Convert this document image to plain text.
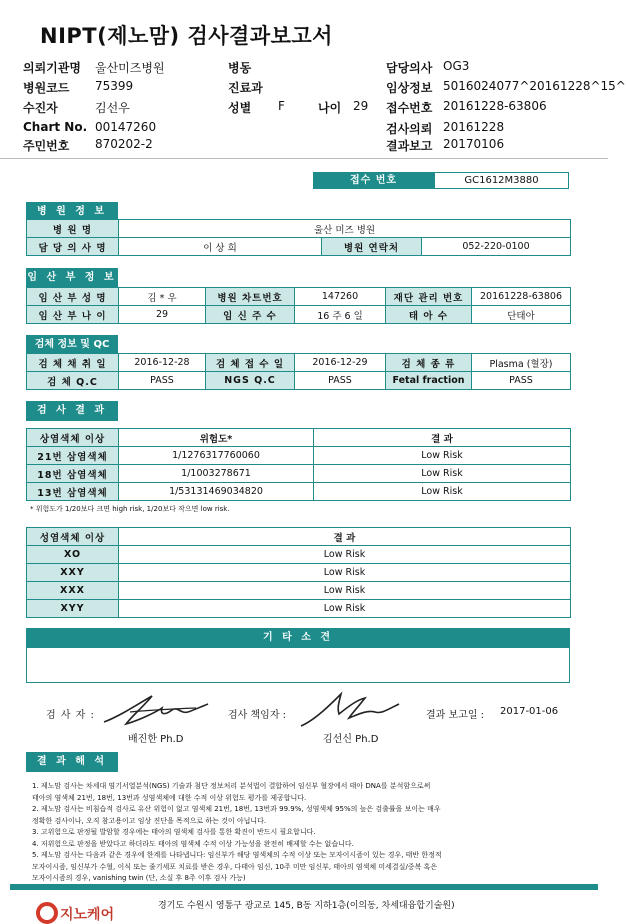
NIPT(제노맘) 검사결과보고서
의뢰기관명 울산미즈병원	병동	담당의사 OG3
병원코드 75399	진료과	임상정보 5016024077^20161228^15^
수진자	김선우	성별 F	나이 29 접수번호 20161228-63806
Chart No. 00147260	검사의뢰 20161228
주민번호 870202-2	결과보고 20170106
접수 번호	GC1612M3880
병 원 정 보
병 원 명	울산 미즈 병원		
담 당 의 사 명	이 상 희	병원 연락처	052-220-0100
임 산 부 정 보
임 산 부 성 명	김 * 우	병원 차트번호	147260	재단 관리 번호	20161228-63806
임 산 부 나 이	29	임 신 주 수	16 주 6 일	태 아 수	단태아
검체 정보 및 QC
검 체 채 취 일	2016-12-28	검 체 접 수 일	2016-12-29	검 체 종 류	Plasma (혈장)
검 체 Q.C	PASS	NGS Q.C	PASS	Fetal fraction	PASS
검 사 결 과
상염색체 이상	위험도*	결 과
21번 삼염색체	1/1276317760060	Low Risk
18번 삼염색체	1/1003278671	Low Risk
13번 삼염색체	1/53131469034820	Low Risk
* 위험도가 1/20보다 크면 high risk, 1/20보다 작으면 low risk.
성염색체 이상	결 과
XO	Low Risk
XXY	Low Risk
XXX	Low Risk
XYY	Low Risk
기 타 소 견
검 사 자 :
배진한 Ph.D
검사 책임자 :
김선신 Ph.D
결과 보고일 : 2017-01-06
결 과 해 석
1. 제노맘 검사는 차세대 염기서열분석(NGS) 기술과 첨단 정보처리 분석법이 결합하여 임신부 혈장에서 태아 DNA를 분석함으로써
태아의 염색체 21번, 18번, 13번과 성염색체에 대한 수적 이상 위험도 평가를 제공합니다.
2. 제노맘 검사는 비침습적 검사로 유산 위험이 없고 염색체 21번, 18번, 13번과 99.9%, 성염색체 95%의 높은 검출률을 보이는 매우
정확한 검사이나, 오직 참고용이고 임상 진단을 목적으로 하는 것이 아닙니다.
3. 고위험으로 판정될 발암할 경우에는 태아의 염색체 검사를 통한 확진이 반드시 필요합니다.
4. 저위험으로 판정을 받았다고 하더라도 태아의 염색체 수적 이상 가능성을 완전히 배제할 수는 없습니다.
5. 제노맘 검사는 다음과 같은 경우에 한계를 나타냅니다: 임신부가 해당 염색체의 수적 이상 또는 모자이시즘이 있는 경우, 태반 한정적
모자이시즘, 임신부가 수혈, 이식 또는 줄기세포 치료를 받은 경우, 다태아 임신, 10주 미만 임신부, 태아의 염색체 미세결실/중복 혹은
모자이시즘의 경우, vanishing twin (단, 소실 후 8주 이후 검사 가능)
지노케어
경기도 수원시 영통구 광교로 145, B동 지하1층(이의동, 차세대융합기술원)
